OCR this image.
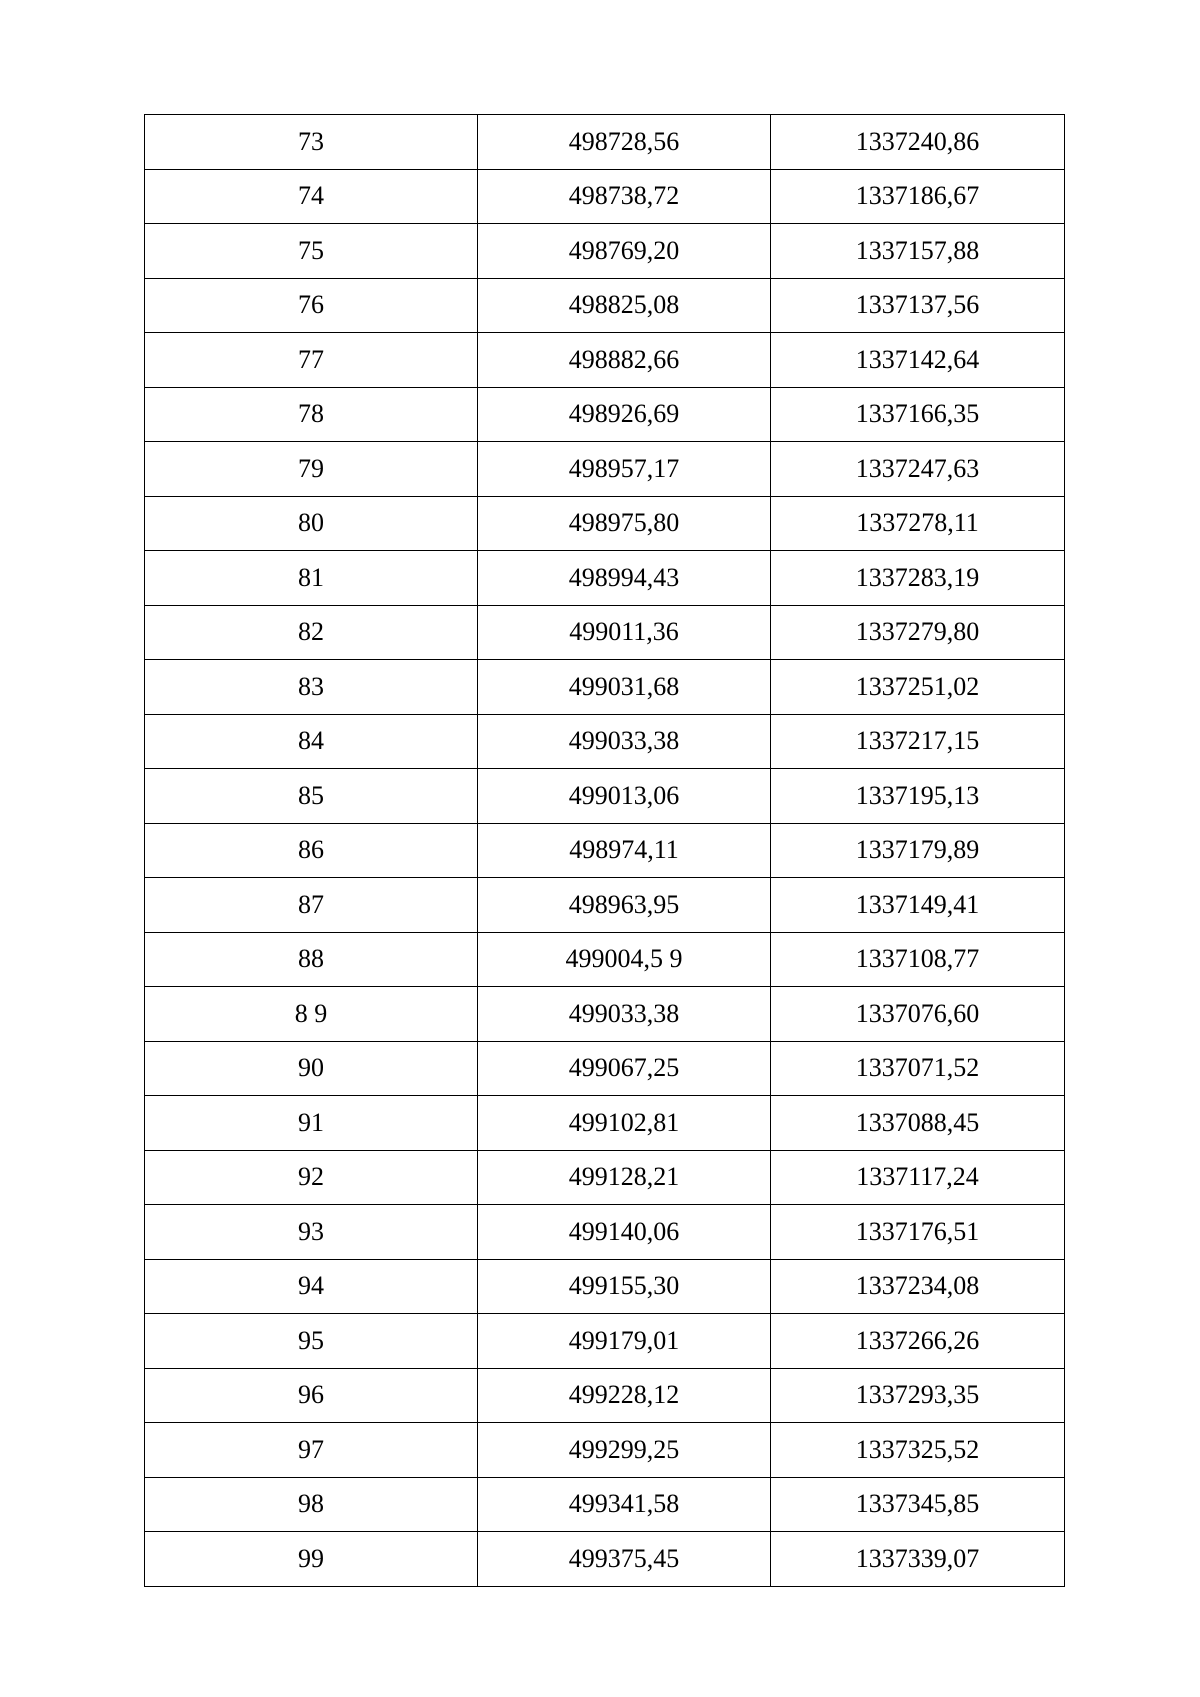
73	498728,56	1337240,86
74	498738,72	1337186,67
75	498769,20	1337157,88
76	498825,08	1337137,56
77	498882,66	1337142,64
78	498926,69	1337166,35
79	498957,17	1337247,63
80	498975,80	1337278,11
81	498994,43	1337283,19
82	499011,36	1337279,80
83	499031,68	1337251,02
84	499033,38	1337217,15
85	499013,06	1337195,13
86	498974,11	1337179,89
87	498963,95	1337149,41
88	499004,5 9	1337108,77
8 9	499033,38	1337076,60
90	499067,25	1337071,52
91	499102,81	1337088,45
92	499128,21	1337117,24
93	499140,06	1337176,51
94	499155,30	1337234,08
95	499179,01	1337266,26
96	499228,12	1337293,35
97	499299,25	1337325,52
98	499341,58	1337345,85
99	499375,45	1337339,07
